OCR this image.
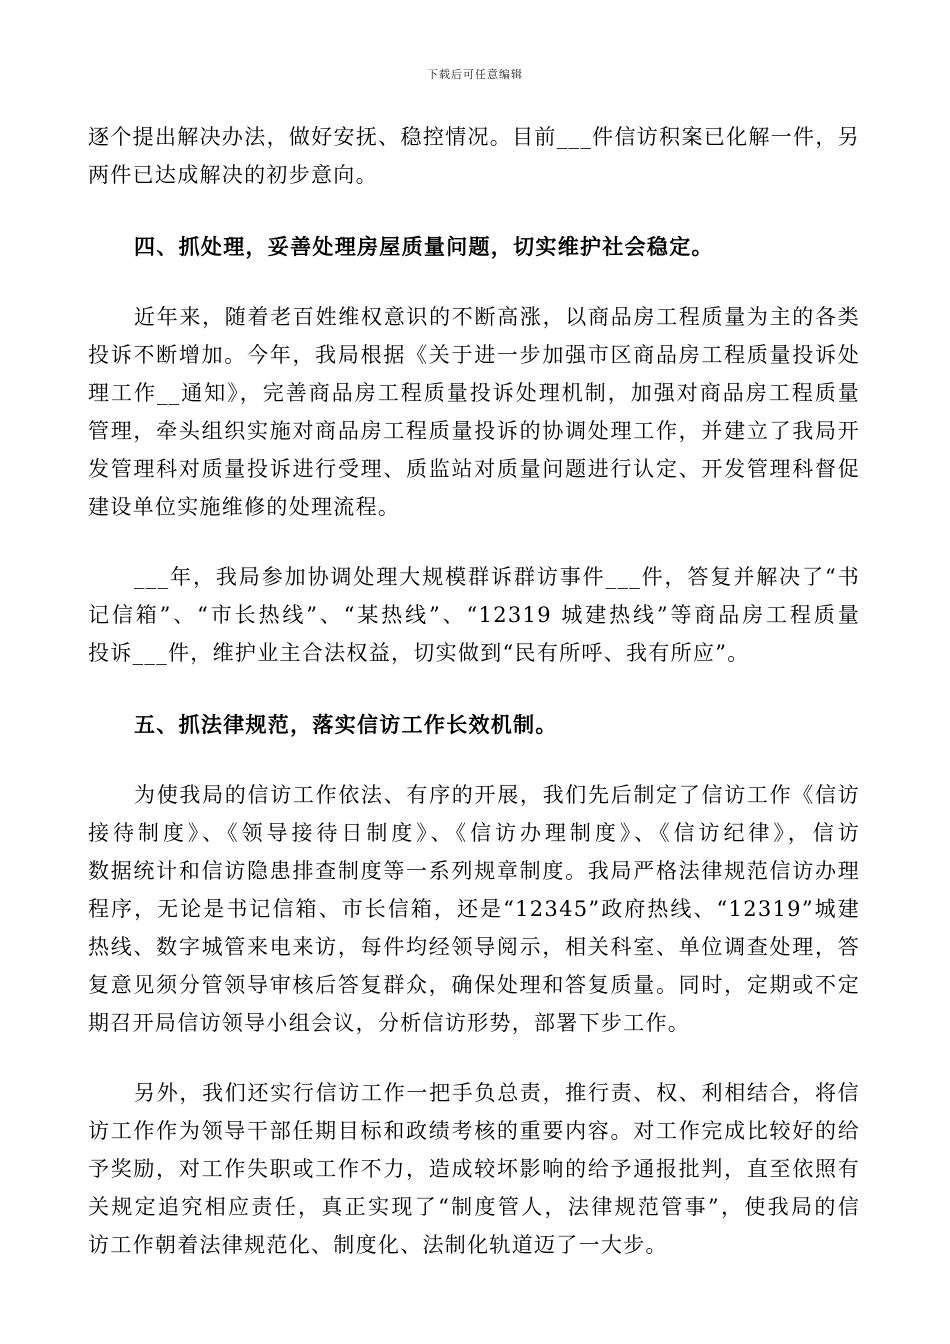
下载后可任意编辑
逐个提出解决办法，做好安抚、稳控情况。目前___件信访积案已化解一件，另
两件已达成解决的初步意向。
四、抓处理，妥善处理房屋质量问题，切实维护社会稳定。
近年来，随着老百姓维权意识的不断高涨，以商品房工程质量为主的各类
投诉不断增加。今年，我局根据《关于进一步加强市区商品房工程质量投诉处
理工作__通知》，完善商品房工程质量投诉处理机制，加强对商品房工程质量
管理，牵头组织实施对商品房工程质量投诉的协调处理工作，并建立了我局开
发管理科对质量投诉进行受理、质监站对质量问题进行认定、开发管理科督促
建设单位实施维修的处理流程。
___年，我局参加协调处理大规模群诉群访事件___件，答复并解决了“书
记信箱”、“市长热线”、“某热线”、“12319 城建热线”等商品房工程质量
投诉___件，维护业主合法权益，切实做到“民有所呼、我有所应”。
五、抓法律规范，落实信访工作长效机制。
为使我局的信访工作依法、有序的开展，我们先后制定了信访工作《信访
接待制度》、《领导接待日制度》、《信访办理制度》、《信访纪律》，信访
数据统计和信访隐患排查制度等一系列规章制度。我局严格法律规范信访办理
程序，无论是书记信箱、市长信箱，还是“12345”政府热线、“12319”城建
热线、数字城管来电来访，每件均经领导阅示，相关科室、单位调查处理，答
复意见须分管领导审核后答复群众，确保处理和答复质量。同时，定期或不定
期召开局信访领导小组会议，分析信访形势，部署下步工作。
另外，我们还实行信访工作一把手负总责，推行责、权、利相结合，将信
访工作作为领导干部任期目标和政绩考核的重要内容。对工作完成比较好的给
予奖励，对工作失职或工作不力，造成较坏影响的给予通报批判，直至依照有
关规定追究相应责任，真正实现了“制度管人，法律规范管事”，使我局的信
访工作朝着法律规范化、制度化、法制化轨道迈了一大步。
